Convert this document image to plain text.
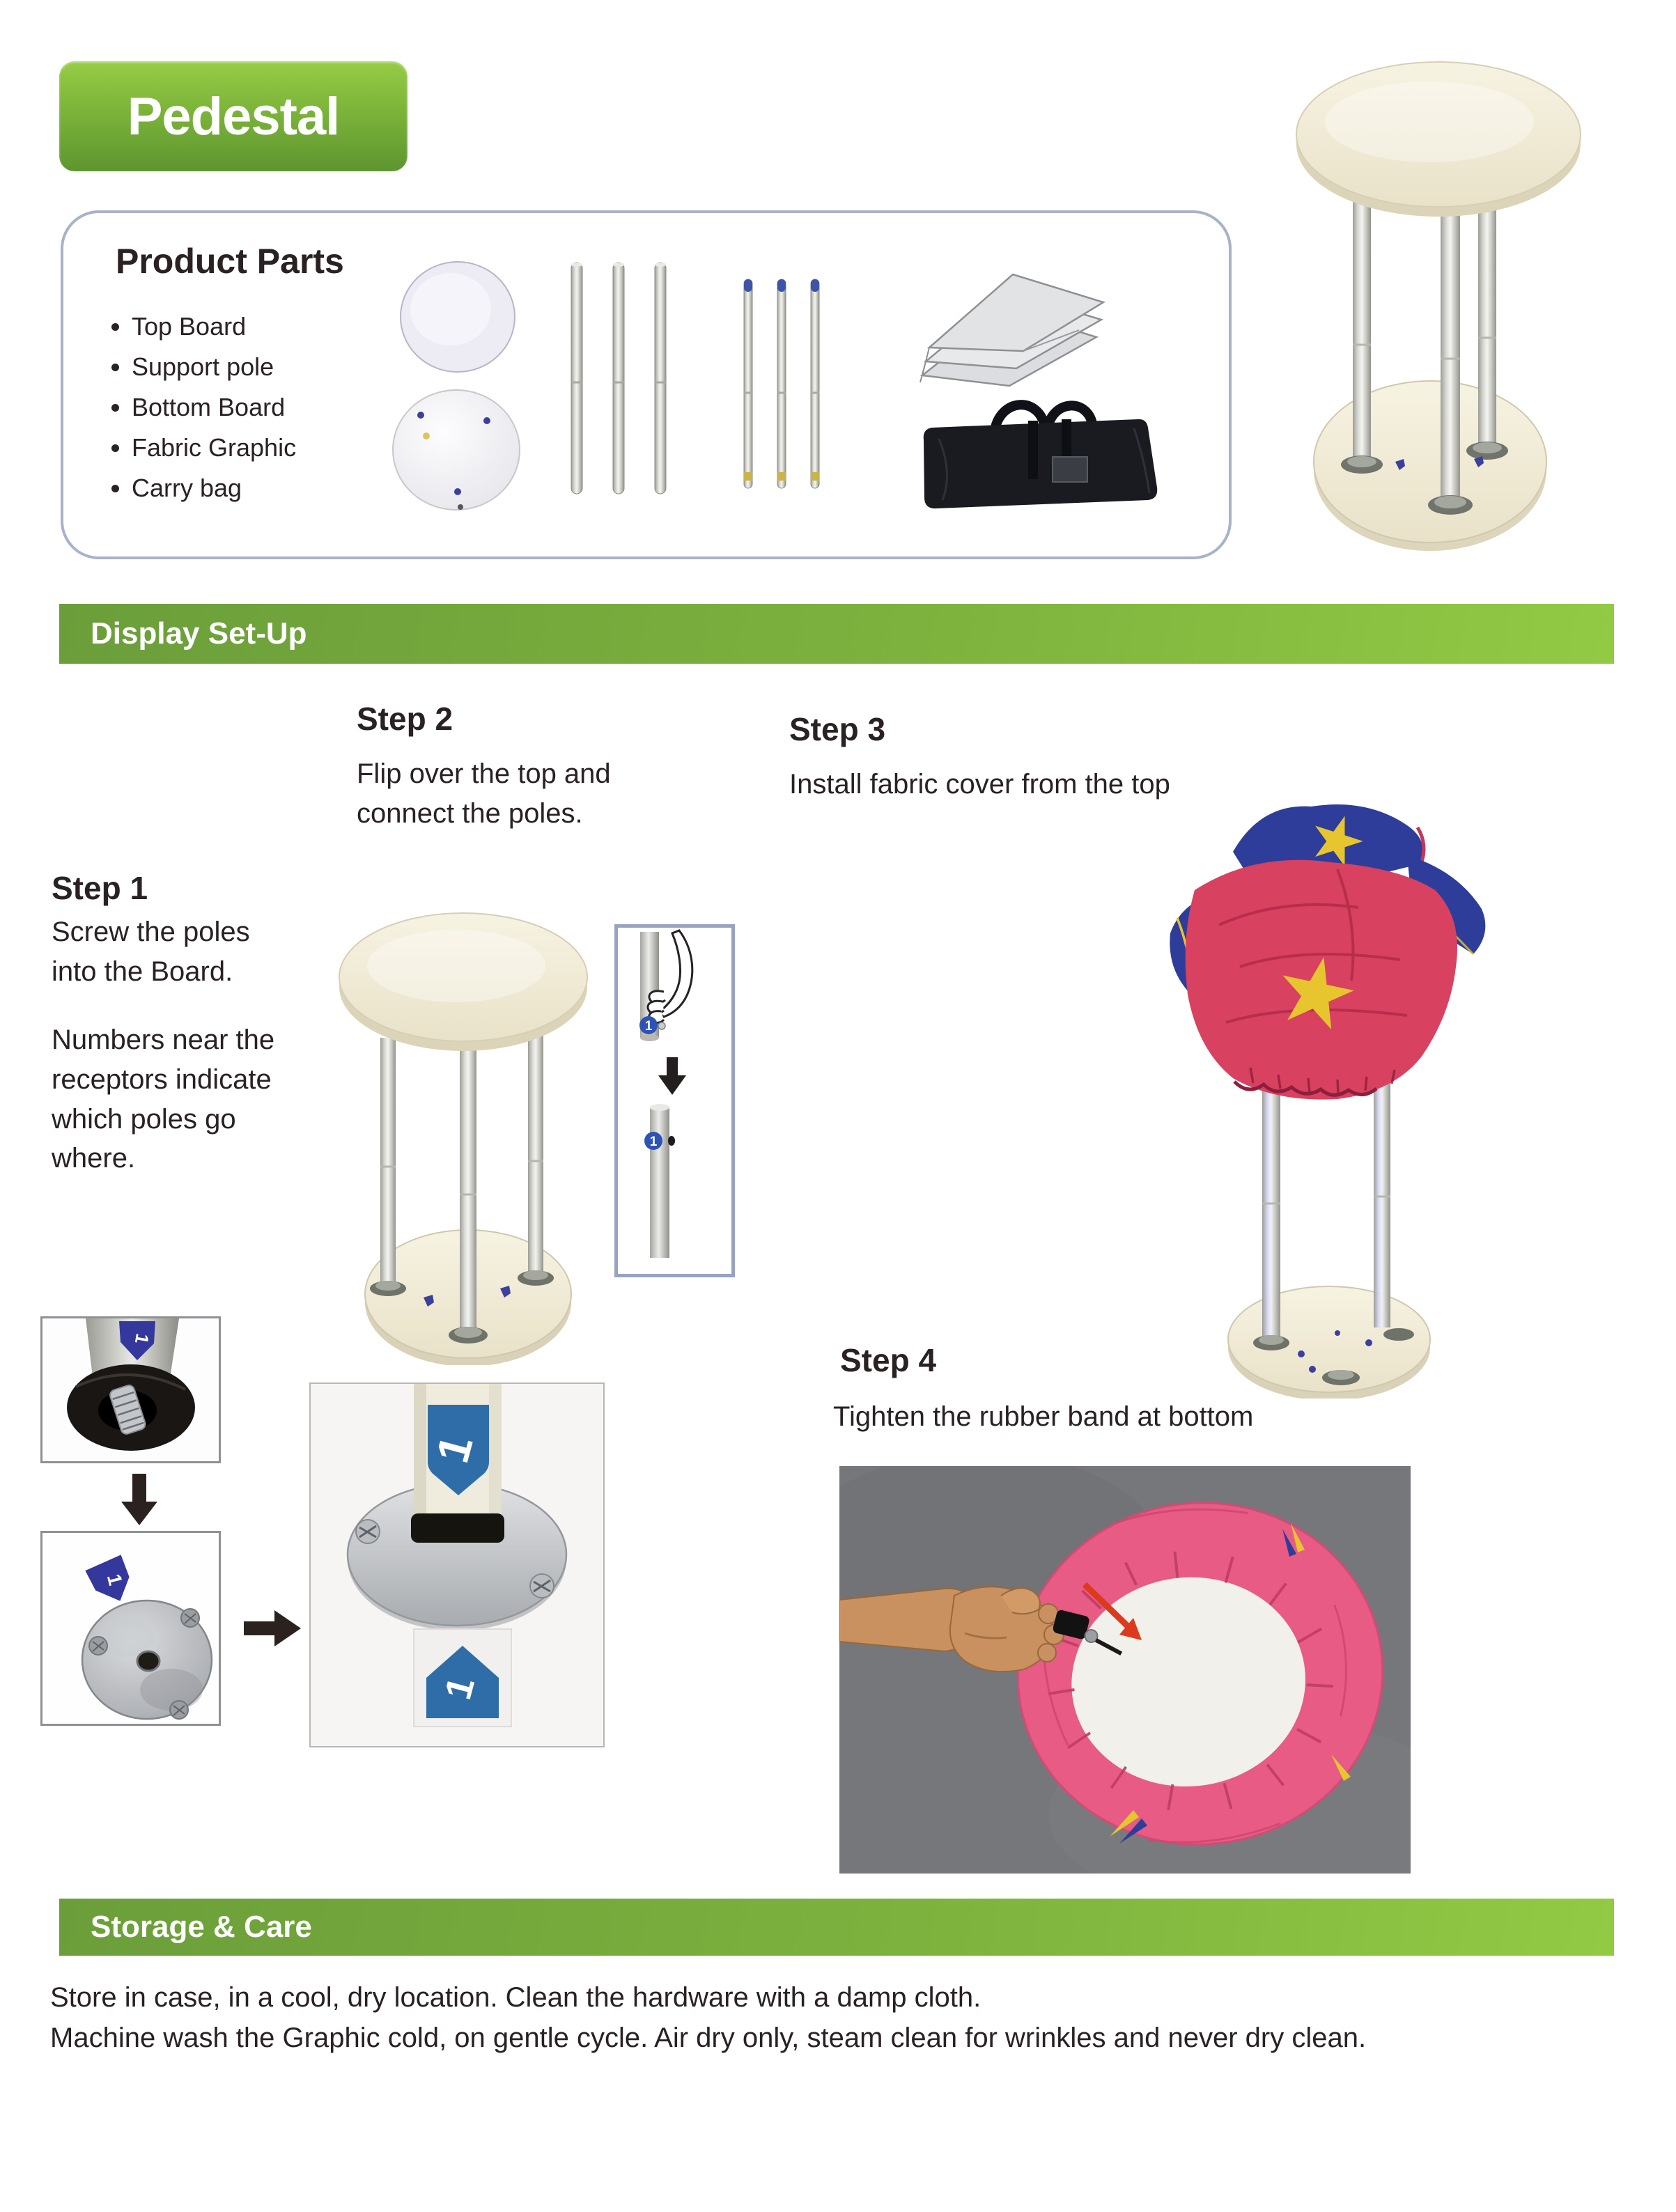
Pedestal
Product Parts
• Top Board
• Support pole
• Bottom Board
• Fabric Graphic
• Carry bag
Display Set-Up
Step 2
Flip over the top and connect the poles.
Step 3
Install fabric cover from the top
Step 1
Screw the poles into the Board.
Numbers near the receptors indicate which poles go where.
Step 4
Tighten the rubber band at bottom
1
1
1
1
1
1
Storage & Care
Store in case, in a cool, dry location. Clean the hardware with a damp cloth.
Machine wash the Graphic cold, on gentle cycle. Air dry only, steam clean for wrinkles and never dry clean.
